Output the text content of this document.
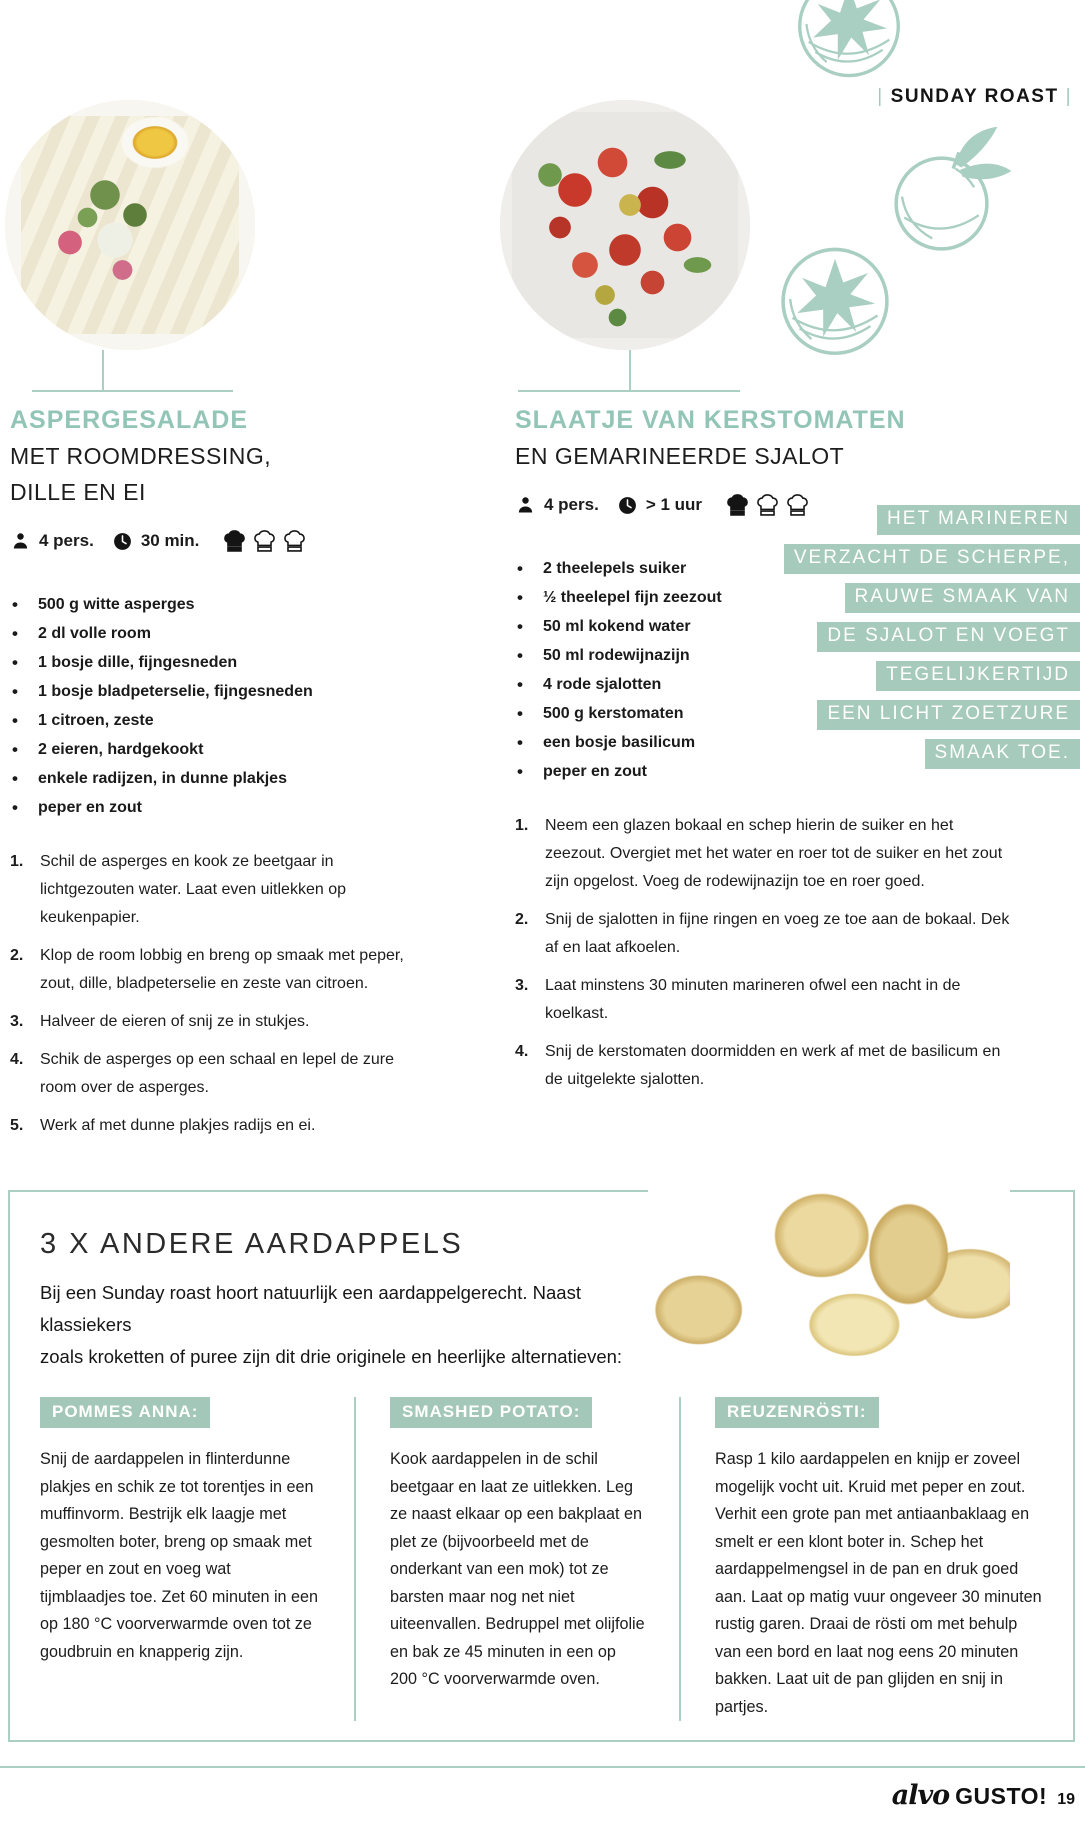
| SUNDAY ROAST |
ASPERGESALADE
MET ROOMDRESSING,
DILLE EN EI
4 pers.	30 min.
• 500 g witte asperges
• 2 dl volle room
• 1 bosje dille, fijngesneden
• 1 bosje bladpeterselie, fijngesneden
• 1 citroen, zeste
• 2 eieren, hardgekookt
• enkele radijzen, in dunne plakjes
• peper en zout
Schil de asperges en kook ze beetgaar in lichtgezouten water. Laat even uitlekken op keukenpapier.
Klop de room lobbig en breng op smaak met peper, zout, dille, bladpeterselie en zeste van citroen.
Halveer de eieren of snij ze in stukjes.
Schik de asperges op een schaal en lepel de zure room over de asperges.
Werk af met dunne plakjes radijs en ei.
SLAATJE VAN KERSTOMATEN
EN GEMARINEERDE SJALOT
4 pers.	> 1 uur
• 2 theelepels suiker
• ½ theelepel fijn zeezout
• 50 ml kokend water
• 50 ml rodewijnazijn
• 4 rode sjalotten
• 500 g kerstomaten
• een bosje basilicum
• peper en zout
Neem een glazen bokaal en schep hierin de suiker en het zeezout. Overgiet met het water en roer tot de suiker en het zout zijn opgelost. Voeg de rodewijnazijn toe en roer goed.
Snij de sjalotten in fijne ringen en voeg ze toe aan de bokaal. Dek af en laat afkoelen.
Laat minstens 30 minuten marineren ofwel een nacht in de koelkast.
Snij de kerstomaten doormidden en werk af met de basilicum en de uitgelekte sjalotten.
HET MARINEREN
VERZACHT DE SCHERPE,
RAUWE SMAAK VAN
DE SJALOT EN VOEGT
TEGELIJKERTIJD
EEN LICHT ZOETZURE
SMAAK TOE.
3 X ANDERE AARDAPPELS
Bij een Sunday roast hoort natuurlijk een aardappelgerecht. Naast klassiekers
zoals kroketten of puree zijn dit drie originele en heerlijke alternatieven:
POMMES ANNA:
Snij de aardappelen in flinterdunne plakjes en schik ze tot torentjes in een muffinvorm. Bestrijk elk laagje met gesmolten boter, breng op smaak met peper en zout en voeg wat tijmblaadjes toe. Zet 60 minuten in een op 180 °C voorverwarmde oven tot ze goudbruin en knapperig zijn.
SMASHED POTATO:
Kook aardappelen in de schil beetgaar en laat ze uitlekken. Leg ze naast elkaar op een bakplaat en plet ze (bijvoorbeeld met de onderkant van een mok) tot ze barsten maar nog net niet uiteenvallen. Bedruppel met olijfolie en bak ze 45 minuten in een op 200 °C voorverwarmde oven.
REUZENRÖSTI:
Rasp 1 kilo aardappelen en knijp er zoveel mogelijk vocht uit. Kruid met peper en zout. Verhit een grote pan met antiaanbaklaag en smelt er een klont boter in. Schep het aardappelmengsel in de pan en druk goed aan. Laat op matig vuur ongeveer 30 minuten rustig garen. Draai de rösti om met behulp van een bord en laat nog eens 20 minuten bakken. Laat uit de pan glijden en snij in partjes.
alvo GUSTO! 19
